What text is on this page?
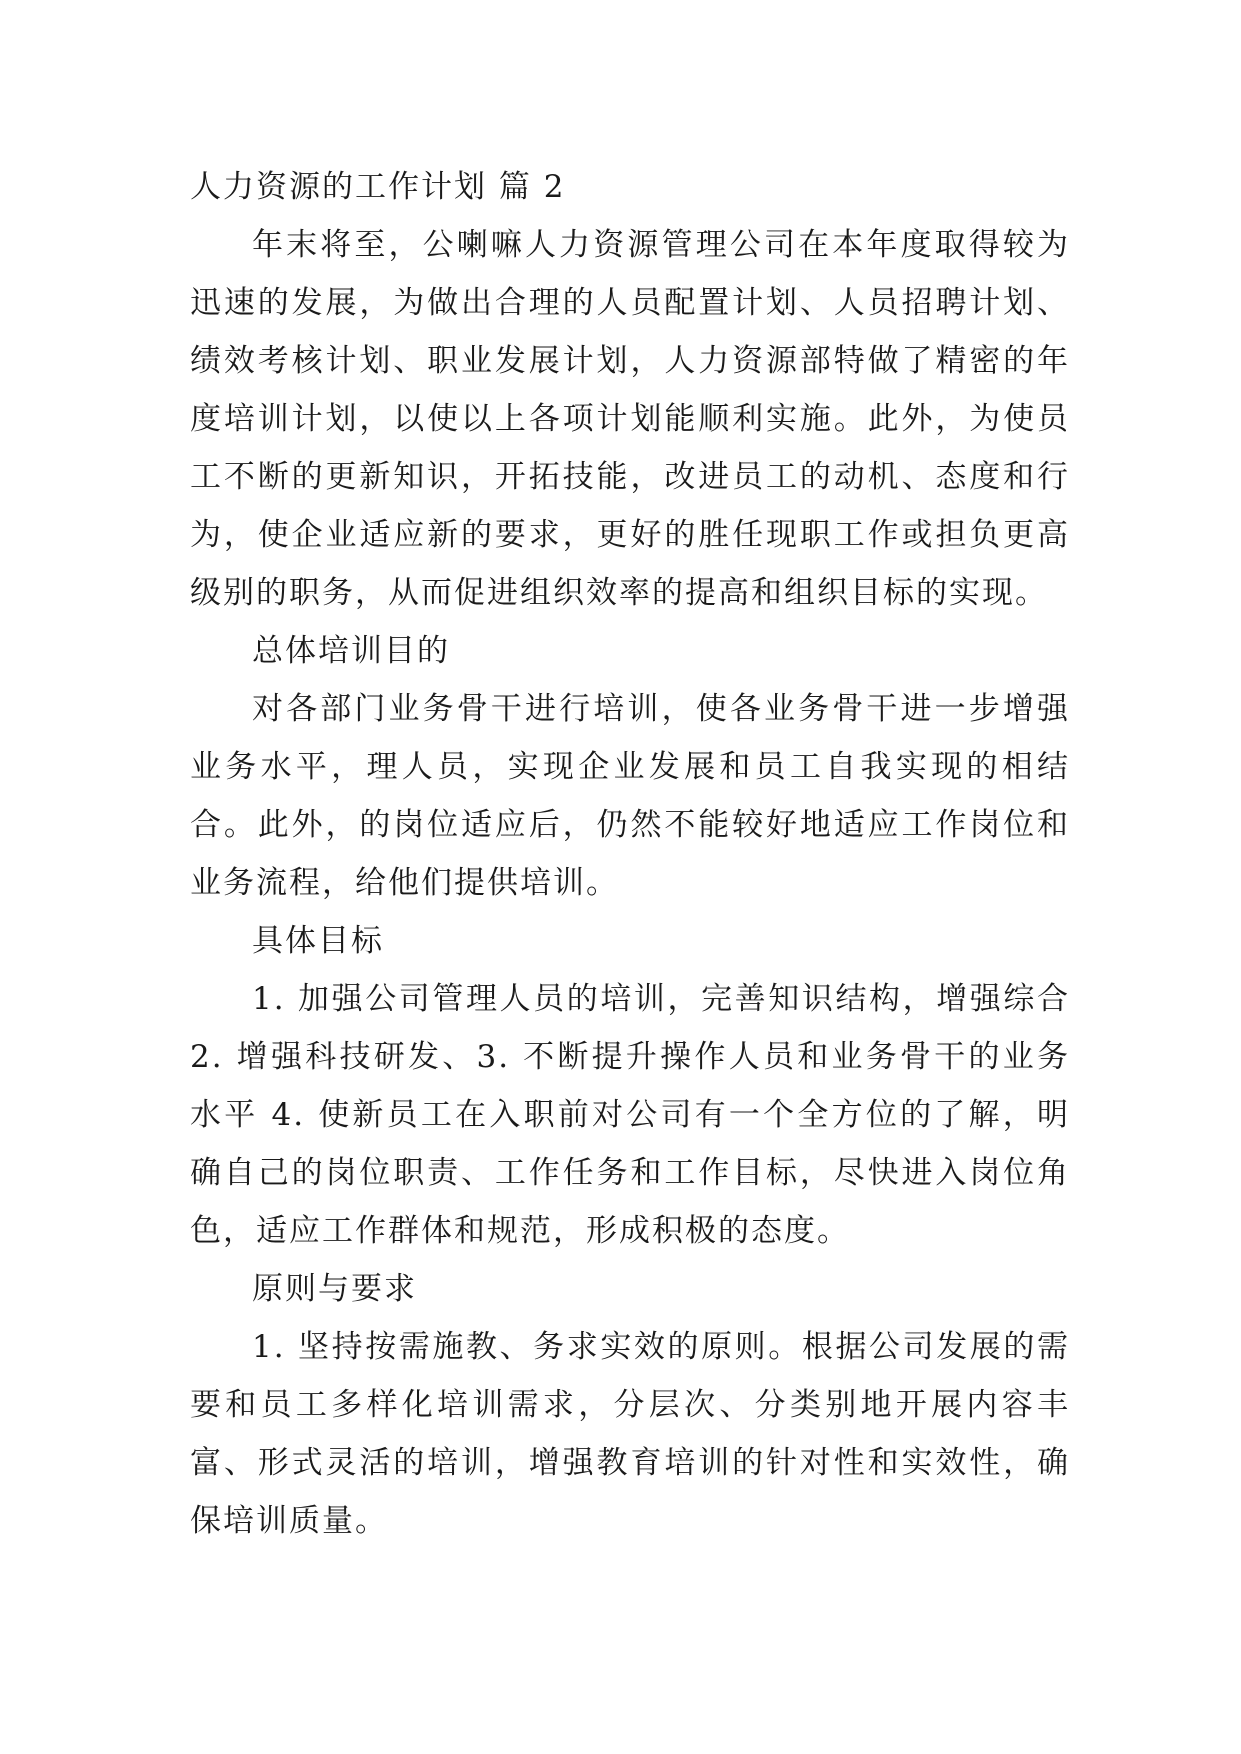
人力资源的工作计划 篇 2

年末将至，公喇嘛人力资源管理公司在本年度取得较为迅速的发展，为做出合理的人员配置计划、人员招聘计划、绩效考核计划、职业发展计划，人力资源部特做了精密的年度培训计划，以使以上各项计划能顺利实施。此外，为使员工不断的更新知识，开拓技能，改进员工的动机、态度和行为，使企业适应新的要求，更好的胜任现职工作或担负更高级别的职务，从而促进组织效率的提高和组织目标的实现。

总体培训目的

对各部门业务骨干进行培训，使各业务骨干进一步增强业务水平，理人员，实现企业发展和员工自我实现的相结合。此外，的岗位适应后，仍然不能较好地适应工作岗位和业务流程，给他们提供培训。

具体目标

1. 加强公司管理人员的培训，完善知识结构，增强综合 2. 增强科技研发、3. 不断提升操作人员和业务骨干的业务水平 4. 使新员工在入职前对公司有一个全方位的了解，明确自己的岗位职责、工作任务和工作目标，尽快进入岗位角色，适应工作群体和规范，形成积极的态度。

原则与要求

1. 坚持按需施教、务求实效的原则。根据公司发展的需要和员工多样化培训需求，分层次、分类别地开展内容丰富、形式灵活的培训，增强教育培训的针对性和实效性，确保培训质量。
